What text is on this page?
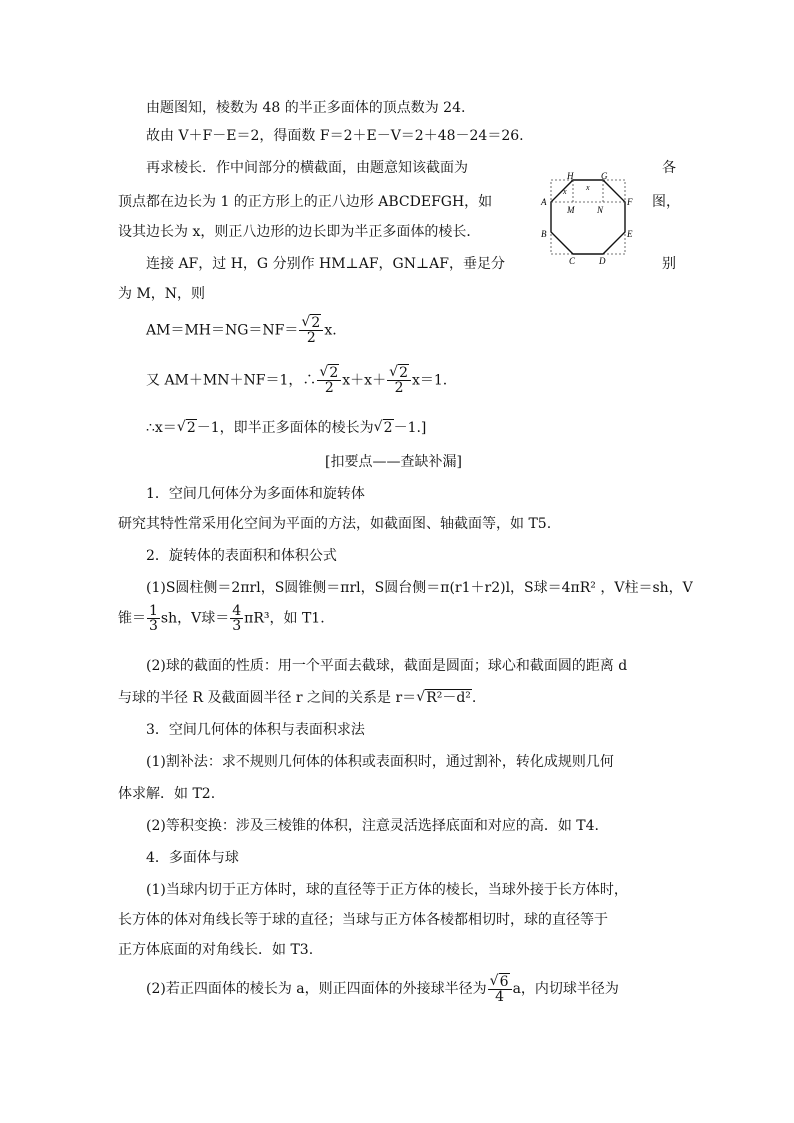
由题图知，棱数为 48 的半正多面体的顶点数为 24.
故由 V＋F－E＝2，得面数 F＝2＋E－V＝2＋48－24＝26.
再求棱长．作中间部分的横截面，由题意知该截面为	各
顶点都在边长为 1 的正方形上的正八边形 ABCDEFGH，如	图，
设其边长为 x，则正八边形的边长即为半正多面体的棱长．
连接 AF，过 H，G 分别作 HM⊥AF，GN⊥AF，垂足分	别
为 M，N，则
H	G
A	F
B	E
C	D
M	N
x
x
AM＝MH＝NG＝NF＝ √ $\frac{2}{2} x$.
又 AM＋MN＋NF＝1，∴ √ $\frac{2}{2} x+x+$ √ $\frac{2}{2} x=1$.
∴x＝ √ 2－1，即半正多面体的棱长为 √ 2－1.]
[扣要点——查缺补漏]
1．空间几何体分为多面体和旋转体
研究其特性常采用化空间为平面的方法，如截面图、轴截面等，如 T5.
2．旋转体的表面积和体积公式
(1)S圆柱侧＝2πrl，S圆锥侧＝πrl，S圆台侧＝π(r1＋r2)l，S球＝4πR² ，V柱＝sh，V
锥＝ $\frac{1}{3}$ sh，V球＝ $\frac{4}{3} \pi R^3$，如 T1.
(2)球的截面的性质：用一个平面去截球，截面是圆面；球心和截面圆的距离 d
与球的半径 R 及截面圆半径 r 之间的关系是 r＝ √ R²－d².
3．空间几何体的体积与表面积求法
(1)割补法：求不规则几何体的体积或表面积时，通过割补，转化成规则几何
体求解．如 T2.
(2)等积变换：涉及三棱锥的体积，注意灵活选择底面和对应的高．如 T4.
4．多面体与球
(1)当球内切于正方体时，球的直径等于正方体的棱长，当球外接于长方体时，
长方体的体对角线长等于球的直径；当球与正方体各棱都相切时，球的直径等于
正方体底面的对角线长．如 T3.
(2)若正四面体的棱长为 a，则正四面体的外接球半径为 √ $\frac{6}{4}$ a，内切球半径为
